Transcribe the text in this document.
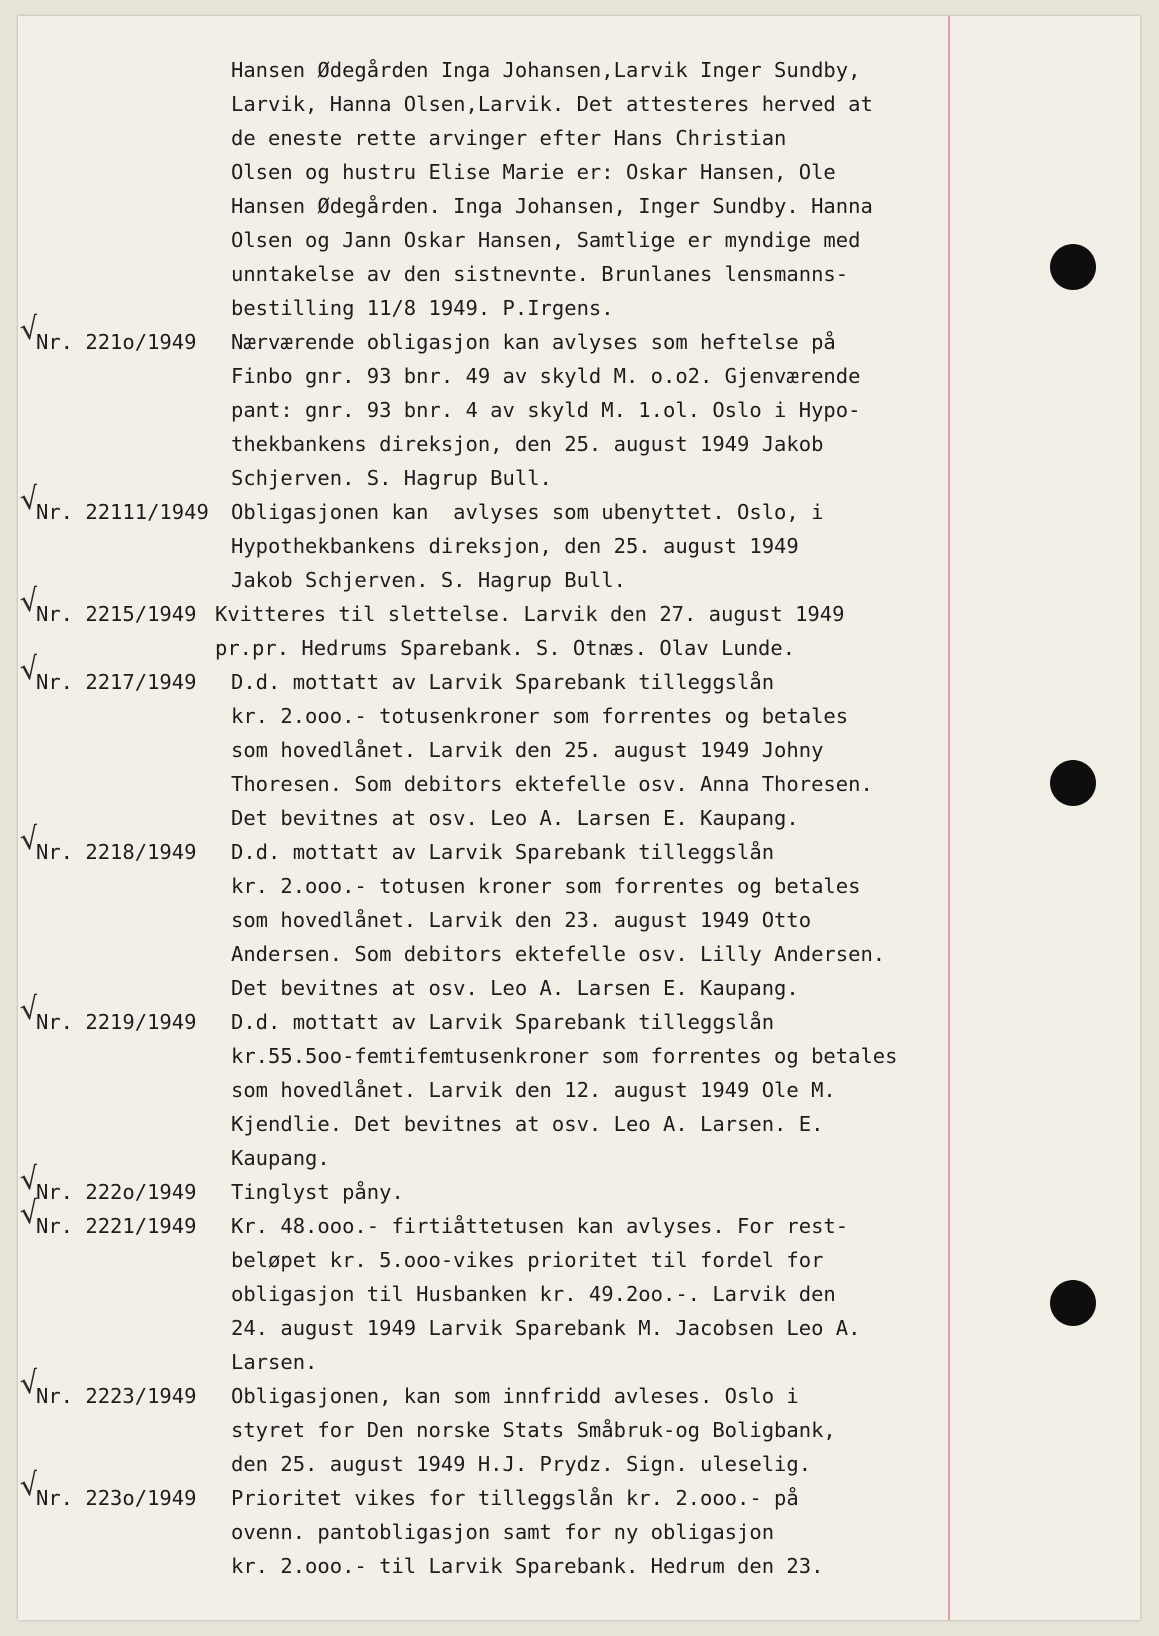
Hansen Ødegården Inga Johansen,Larvik Inger Sundby,

Larvik, Hanna Olsen,Larvik. Det attesteres herved at

de eneste rette arvinger efter Hans Christian

Olsen og hustru Elise Marie er: Oskar Hansen, Ole

Hansen Ødegården. Inga Johansen, Inger Sundby. Hanna

Olsen og Jann Oskar Hansen, Samtlige er myndige med

unntakelse av den sistnevnte. Brunlanes lensmanns-

bestilling 11/8 1949. P.Irgens.

√

Nr. 221o/1949

Nærværende obligasjon kan avlyses som heftelse på

Finbo gnr. 93 bnr. 49 av skyld M. o.o2. Gjenværende

pant: gnr. 93 bnr. 4 av skyld M. 1.ol. Oslo i Hypo-

thekbankens direksjon, den 25. august 1949 Jakob

Schjerven. S. Hagrup Bull.

√

Nr. 22111/1949

Obligasjonen kan  avlyses som ubenyttet. Oslo, i

Hypothekbankens direksjon, den 25. august 1949

Jakob Schjerven. S. Hagrup Bull.

√

Nr. 2215/1949

Kvitteres til slettelse. Larvik den 27. august 1949

pr.pr. Hedrums Sparebank. S. Otnæs. Olav Lunde.

√

Nr. 2217/1949

D.d. mottatt av Larvik Sparebank tilleggslån

kr. 2.ooo.- totusenkroner som forrentes og betales

som hovedlånet. Larvik den 25. august 1949 Johny

Thoresen. Som debitors ektefelle osv. Anna Thoresen.

Det bevitnes at osv. Leo A. Larsen E. Kaupang.

√

Nr. 2218/1949

D.d. mottatt av Larvik Sparebank tilleggslån

kr. 2.ooo.- totusen kroner som forrentes og betales

som hovedlånet. Larvik den 23. august 1949 Otto

Andersen. Som debitors ektefelle osv. Lilly Andersen.

Det bevitnes at osv. Leo A. Larsen E. Kaupang.

√

Nr. 2219/1949

D.d. mottatt av Larvik Sparebank tilleggslån

kr.55.5oo-femtifemtusenkroner som forrentes og betales

som hovedlånet. Larvik den 12. august 1949 Ole M.

Kjendlie. Det bevitnes at osv. Leo A. Larsen. E.

Kaupang.

√

Nr. 222o/1949

Tinglyst påny.

√

Nr. 2221/1949

Kr. 48.ooo.- firtiåttetusen kan avlyses. For rest-

beløpet kr. 5.ooo-vikes prioritet til fordel for

obligasjon til Husbanken kr. 49.2oo.-. Larvik den

24. august 1949 Larvik Sparebank M. Jacobsen Leo A.

Larsen.

√

Nr. 2223/1949

Obligasjonen, kan som innfridd avleses. Oslo i

styret for Den norske Stats Småbruk-og Boligbank,

den 25. august 1949 H.J. Prydz. Sign. uleselig.

√

Nr. 223o/1949

Prioritet vikes for tilleggslån kr. 2.ooo.- på

ovenn. pantobligasjon samt for ny obligasjon

kr. 2.ooo.- til Larvik Sparebank. Hedrum den 23.
